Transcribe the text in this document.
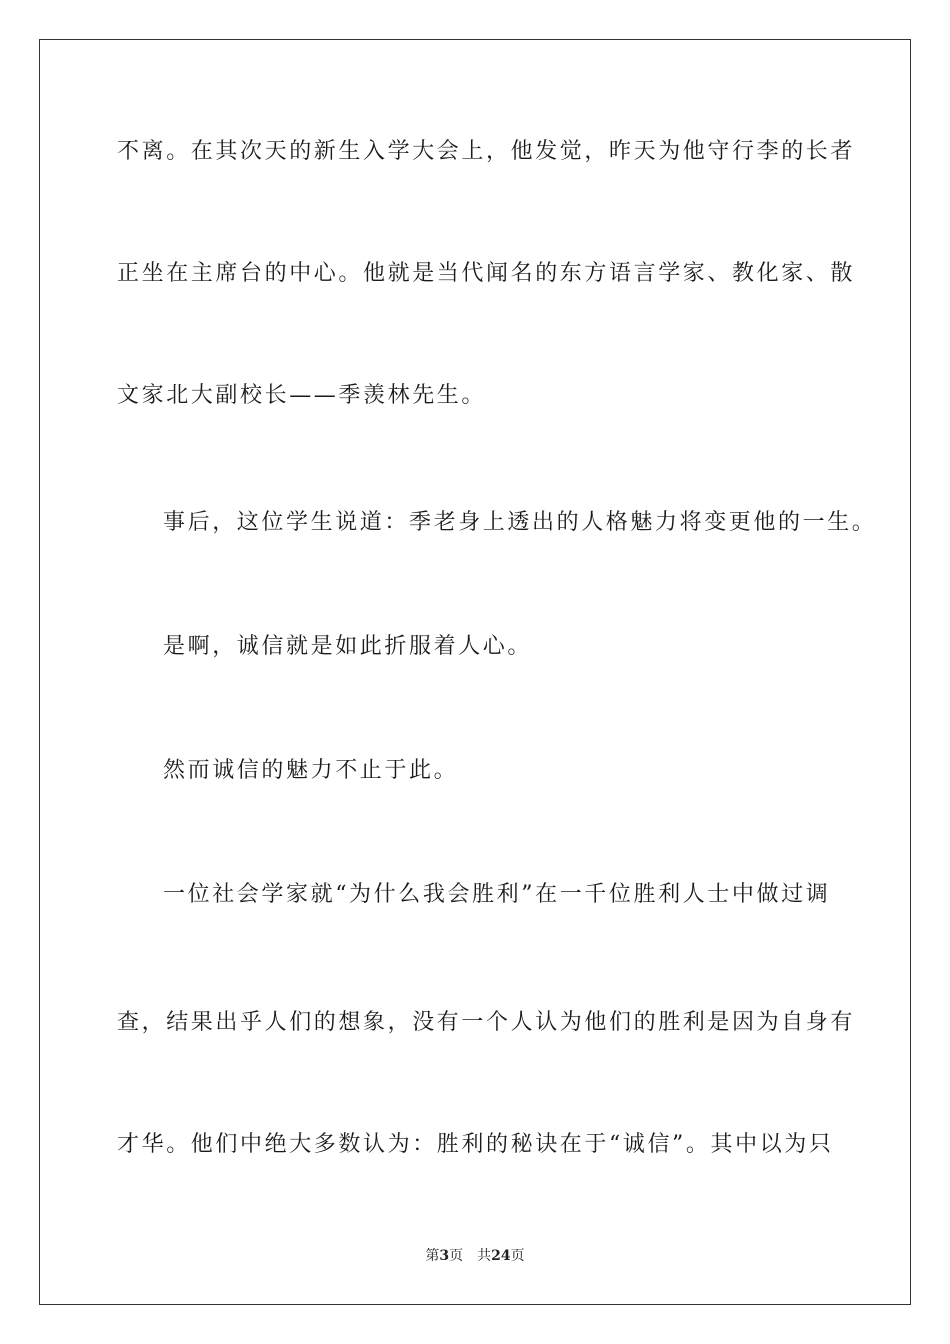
不离。在其次天的新生入学大会上，他发觉，昨天为他守行李的长者

正坐在主席台的中心。他就是当代闻名的东方语言学家、教化家、散

文家北大副校长——季羡林先生。

事后，这位学生说道：季老身上透出的人格魅力将变更他的一生。

是啊，诚信就是如此折服着人心。

然而诚信的魅力不止于此。

一位社会学家就“为什么我会胜利”在一千位胜利人士中做过调

查，结果出乎人们的想象，没有一个人认为他们的胜利是因为自身有

才华。他们中绝大多数认为：胜利的秘诀在于“诚信”。其中以为只

第3页 共24页
